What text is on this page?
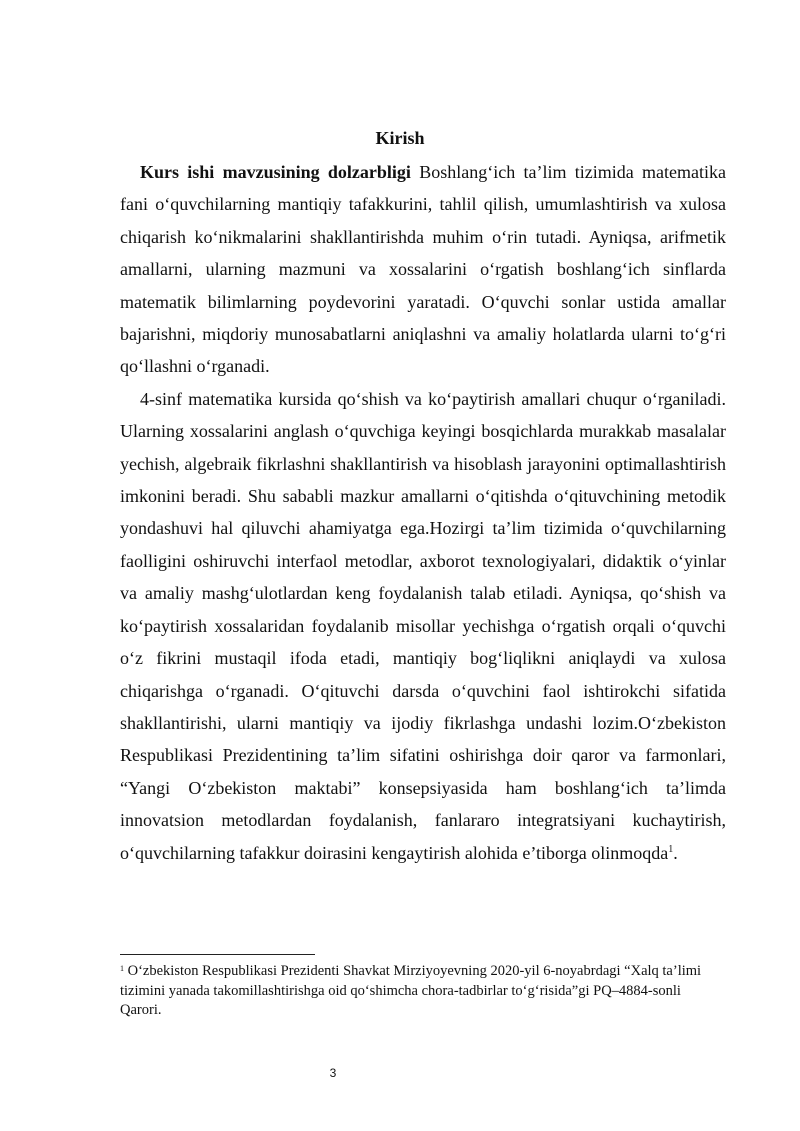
Kirish

Kurs ishi mavzusining dolzarbligi Boshlang‘ich ta’lim tizimida matematika fani o‘quvchilarning mantiqiy tafakkurini, tahlil qilish, umumlashtirish va xulosa chiqarish ko‘nikmalarini shakllantirishda muhim o‘rin tutadi. Ayniqsa, arifmetik amallarni, ularning mazmuni va xossalarini o‘rgatish boshlang‘ich sinflarda matematik bilimlarning poydevorini yaratadi. O‘quvchi sonlar ustida amallar bajarishni, miqdoriy munosabatlarni aniqlashni va amaliy holatlarda ularni to‘g‘ri qo‘llashni o‘rganadi.

4-sinf matematika kursida qo‘shish va ko‘paytirish amallari chuqur o‘rganiladi. Ularning xossalarini anglash o‘quvchiga keyingi bosqichlarda murakkab masalalar yechish, algebraik fikrlashni shakllantirish va hisoblash jarayonini optimallashtirish imkonini beradi. Shu sababli mazkur amallarni o‘qitishda o‘qituvchining metodik yondashuvi hal qiluvchi ahamiyatga ega.Hozirgi ta’lim tizimida o‘quvchilarning faolligini oshiruvchi interfaol metodlar, axborot texnologiyalari, didaktik o‘yinlar va amaliy mashg‘ulotlardan keng foydalanish talab etiladi. Ayniqsa, qo‘shish va ko‘paytirish xossalaridan foydalanib misollar yechishga o‘rgatish orqali o‘quvchi o‘z fikrini mustaqil ifoda etadi, mantiqiy bog‘liqlikni aniqlaydi va xulosa chiqarishga o‘rganadi. O‘qituvchi darsda o‘quvchini faol ishtirokchi sifatida shakllantirishi, ularni mantiqiy va ijodiy fikrlashga undashi lozim.O‘zbekiston Respublikasi Prezidentining ta’lim sifatini oshirishga doir qaror va farmonlari, “Yangi O‘zbekiston maktabi” konsepsiyasida ham boshlang‘ich ta’limda innovatsion metodlardan foydalanish, fanlararo integratsiyani kuchaytirish, o‘quvchilarning tafakkur doirasini kengaytirish alohida e’tiborga olinmoqda$^1$.

$^1$ O‘zbekiston Respublikasi Prezidenti Shavkat Mirziyoyevning 2020-yil 6-noyabrdagi “Xalq ta’limi tizimini yanada takomillashtirishga oid qo‘shimcha chora-tadbirlar to‘g‘risida”gi PQ–4884-sonli Qarori.
3
